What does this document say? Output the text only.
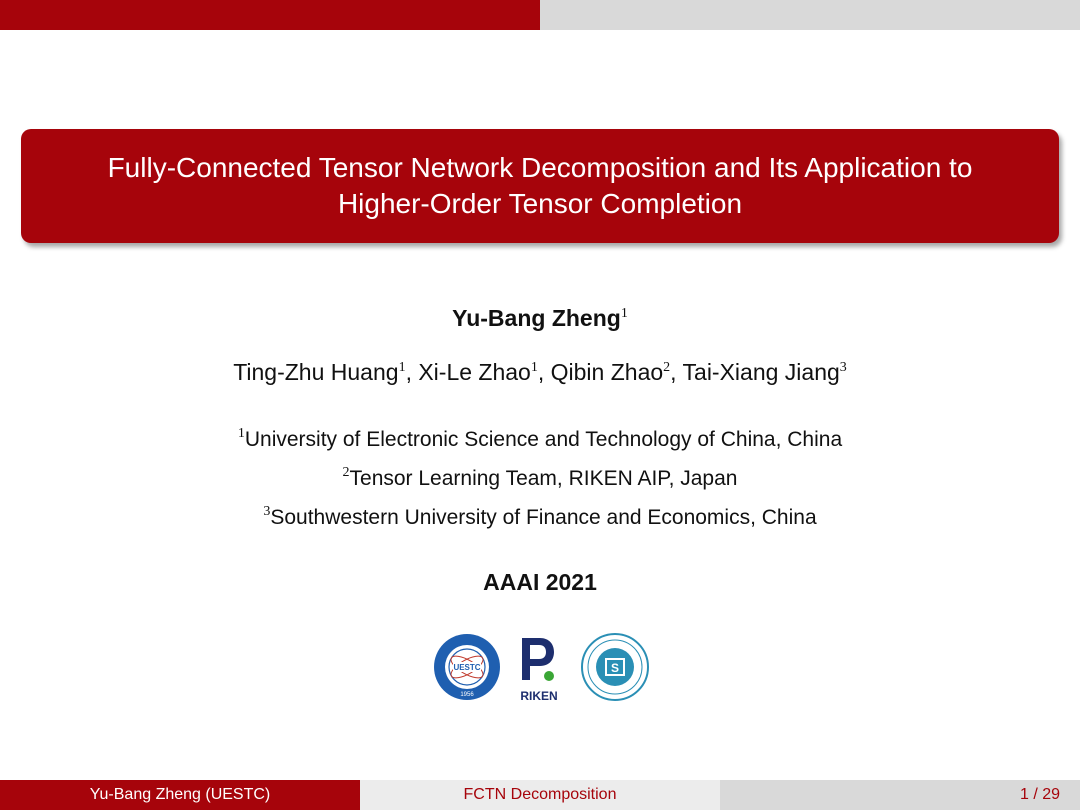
Fully-Connected Tensor Network Decomposition and Its Application to
Higher-Order Tensor Completion
Yu-Bang Zheng$^1$
Ting-Zhu Huang$^1$, Xi-Le Zhao$^1$, Qibin Zhao$^2$, Tai-Xiang Jiang$^3$
$^1$University of Electronic Science and Technology of China, China
$^2$Tensor Learning Team, RIKEN AIP, Japan
$^3$Southwestern University of Finance and Economics, China
AAAI 2021
UESTC
1956	RIKEN
S
Yu-Bang Zheng (UESTC)	FCTN Decomposition	1 / 29
